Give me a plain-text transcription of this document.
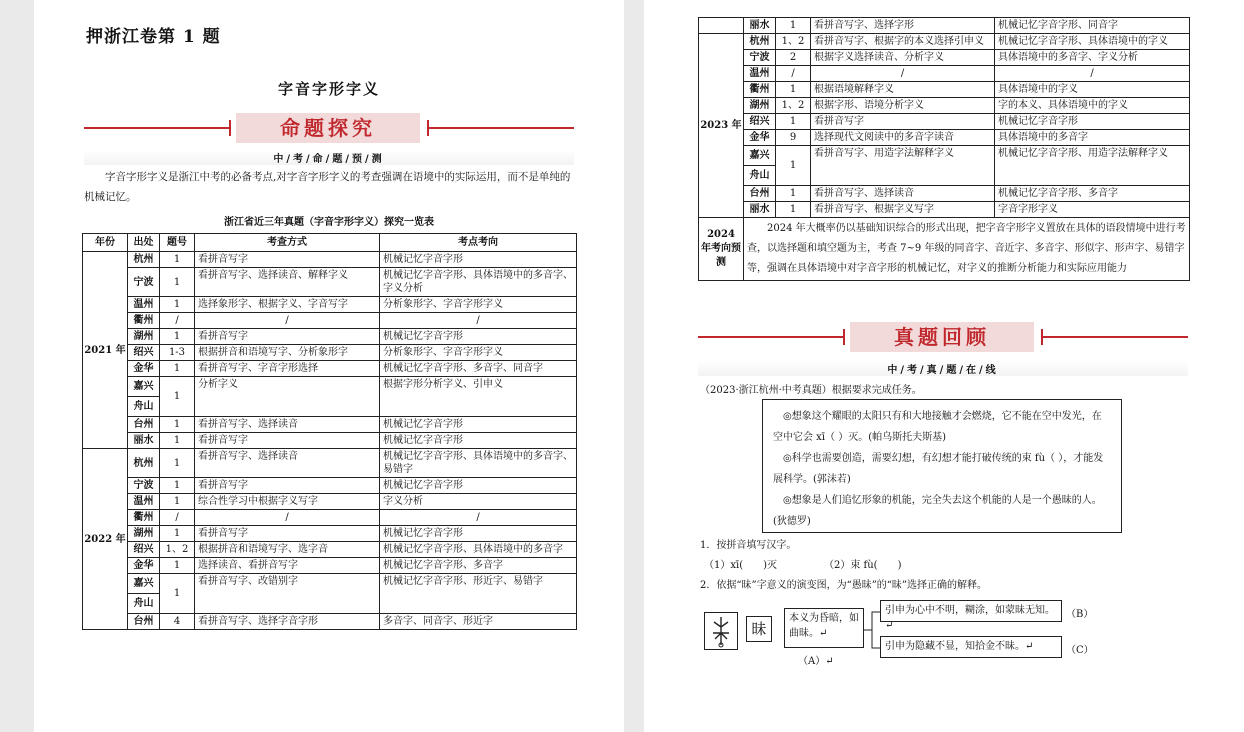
押浙江卷第 1 题
字音字形字义
命题探究
中/考/命/题/预/测
字音字形字义是浙江中考的必备考点,对字音字形字义的考查强调在语境中的实际运用，而不是单纯的机械记忆。
浙江省近三年真题（字音字形字义）探究一览表
年份	出处	题号	考查方式	考点考向
2021 年	杭州	1	看拼音写字	机械记忆字音字形
	宁波	1	看拼音写字、选择读音、解释字义	机械记忆字音字形、具体语境中的多音字、字义分析
	温州	1	选择象形字、根据字义、字音写字	分析象形字、字音字形字义
	衢州	/	/	/
	湖州	1	看拼音写字	机械记忆字音字形
	绍兴	1-3	根据拼音和语境写字、分析象形字	分析象形字、字音字形字义
	金华	1	看拼音写字、字音字形选择	机械记忆字音字形、多音字、同音字
	嘉兴	1	分析字义	根据字形分析字义、引申义
	舟山			
	台州	1	看拼音写字、选择读音	机械记忆字音字形
	丽水	1	看拼音写字	机械记忆字音字形
2022 年	杭州	1	看拼音写字、选择读音	机械记忆字音字形、具体语境中的多音字、易错字
	宁波	1	看拼音写字	机械记忆字音字形
	温州	1	综合性学习中根据字义写字	字义分析
	衢州	/	/	/
	湖州	1	看拼音写字	机械记忆字音字形
	绍兴	1、2	根据拼音和语境写字、选字音	机械记忆字音字形、具体语境中的多音字
	金华	1	选择读音、看拼音写字	机械记忆字音字形、多音字
	嘉兴	1	看拼音写字、改错别字	机械记忆字音字形、形近字、易错字
	舟山			
	台州	4	看拼音写字、选择字音字形	多音字、同音字、形近字
	丽水	1	看拼音写字、选择字形	机械记忆字音字形、同音字
2023 年	杭州	1、2	看拼音写字、根据字的本义选择引申义	机械记忆字音字形、具体语境中的字义
	宁波	2	根据字义选择读音、分析字义	具体语境中的多音字、字义分析
	温州	/	/	/
	衢州	1	根据语境解释字义	具体语境中的字义
	湖州	1、2	根据字形、语境分析字义	字的本义、具体语境中的字义
	绍兴	1	看拼音写字	机械记忆字音字形
	金华	9	选择现代文阅读中的多音字读音	具体语境中的多音字
	嘉兴	1	看拼音写字、用造字法解释字义	机械记忆字音字形、用造字法解释字义
	舟山			
	台州	1	看拼音写字、选择读音	机械记忆字音字形、多音字
	丽水	1	看拼音写字、根据字义写字	字音字形字义
2024 年考向预测	2024 年大概率仍以基础知识综合的形式出现，把字音字形字义置放在具体的语段情境中进行考查，以选择题和填空题为主，考查 7~9 年级的同音字、音近字、多音字、形似字、形声字、易错字等，强调在具体语境中对字音字形的机械记忆，对字义的推断分析能力和实际应用能力			
真题回顾
中/考/真/题/在/线
（2023·浙江杭州·中考真题）根据要求完成任务。

◎想象这个耀眼的太阳只有和大地接触才会燃烧，它不能在空中发光，在空中它会 xī（ ）灭。(帕乌斯托夫斯基)

◎科学也需要创造，需要幻想，有幻想才能打破传统的束 fù（ ），才能发展科学。(郭沫若)

◎想象是人们追忆形象的机能，完全失去这个机能的人是一个愚昧的人。(狄德罗)

1．按拼音填写汉字。
（1）xī(　　)灭	（2）束 fù(　　)
2．依据“昧”字意义的演变图，为“愚昧”的“昧”选择正确的解释。
昧
本义为昏暗，如曲昧。↵
（A）↵
引申为心中不明，糊涂，如蒙昧无知。↵
（B）
引申为隐藏不显，知拾金不昧。↵	（C）
